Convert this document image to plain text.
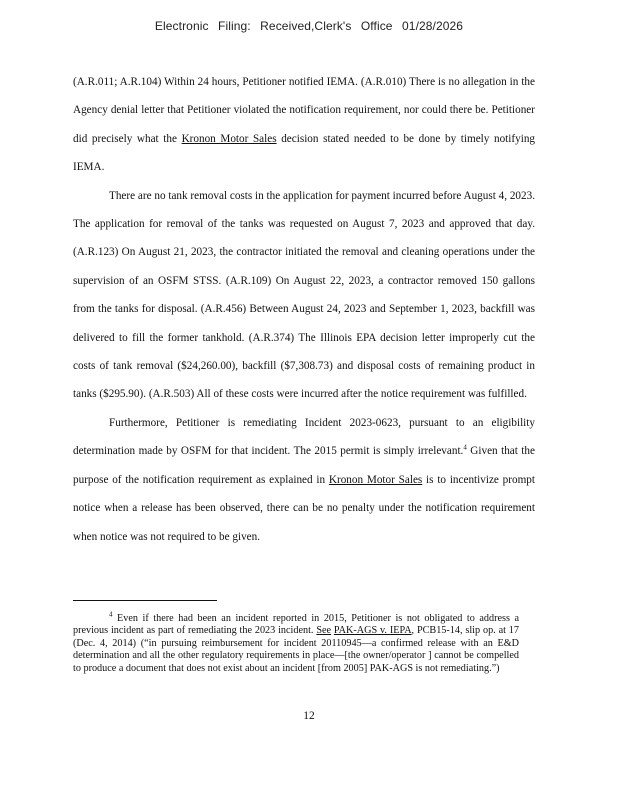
Electronic Filing: Received,Clerk's Office 01/28/2026

(A.R.011; A.R.104) Within 24 hours, Petitioner notified IEMA. (A.R.010) There is no allegation in the Agency denial letter that Petitioner violated the notification requirement, nor could there be. Petitioner did precisely what the Kronon Motor Sales decision stated needed to be done by timely notifying IEMA.

There are no tank removal costs in the application for payment incurred before August 4, 2023. The application for removal of the tanks was requested on August 7, 2023 and approved that day. (A.R.123) On August 21, 2023, the contractor initiated the removal and cleaning operations under the supervision of an OSFM STSS. (A.R.109) On August 22, 2023, a contractor removed 150 gallons from the tanks for disposal. (A.R.456) Between August 24, 2023 and September 1, 2023, backfill was delivered to fill the former tankhold. (A.R.374) The Illinois EPA decision letter improperly cut the costs of tank removal ($24,260.00), backfill ($7,308.73) and disposal costs of remaining product in tanks ($295.90). (A.R.503) All of these costs were incurred after the notice requirement was fulfilled.

Furthermore, Petitioner is remediating Incident 2023-0623, pursuant to an eligibility determination made by OSFM for that incident. The 2015 permit is simply irrelevant.$^4$ Given that the purpose of the notification requirement as explained in Kronon Motor Sales is to incentivize prompt notice when a release has been observed, there can be no penalty under the notification requirement when notice was not required to be given.

$^4$ Even if there had been an incident reported in 2015, Petitioner is not obligated to address a previous incident as part of remediating the 2023 incident. See PAK-AGS v. IEPA, PCB15-14, slip op. at 17 (Dec. 4, 2014) (“in pursuing reimbursement for incident 20110945—a confirmed release with an E&D determination and all the other regulatory requirements in place—[the owner/operator ] cannot be compelled to produce a document that does not exist about an incident [from 2005] PAK-AGS is not remediating.”)
12
